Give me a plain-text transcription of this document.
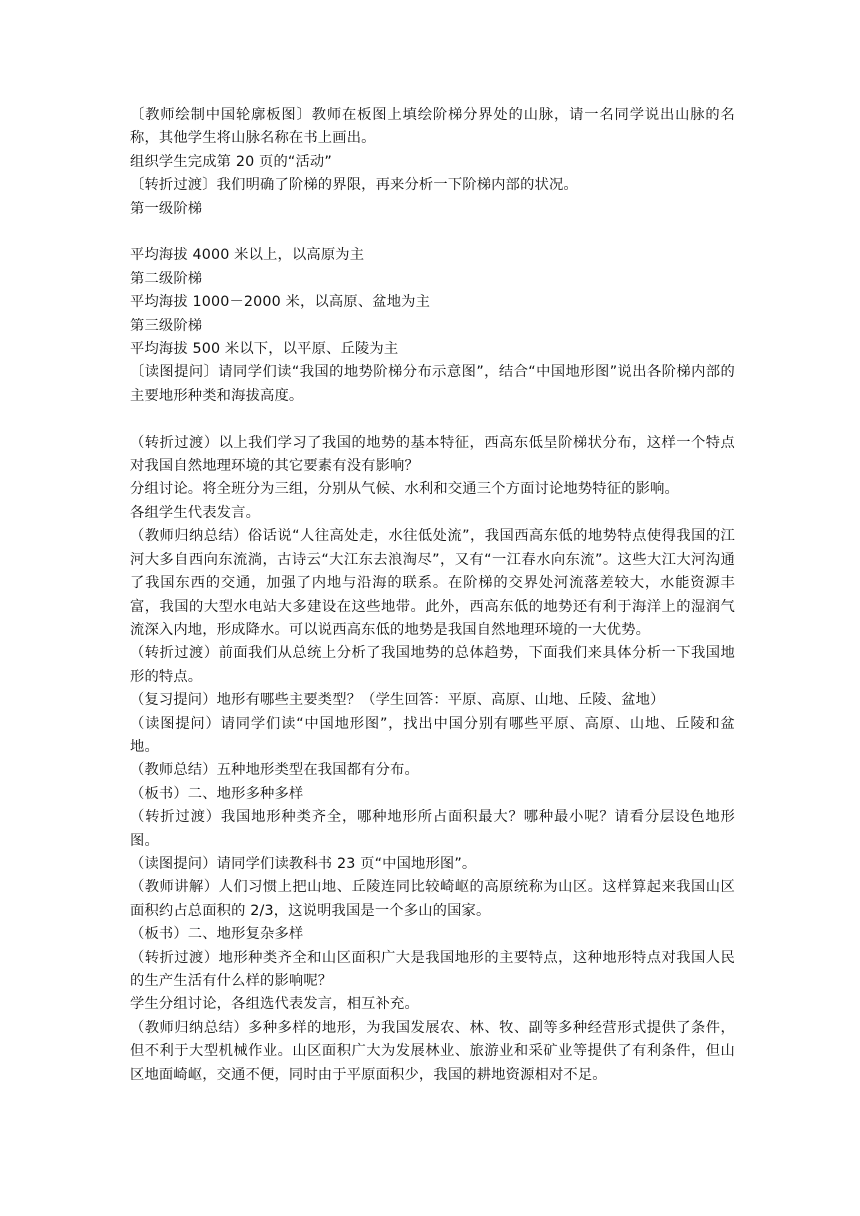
〔教师绘制中国轮廓板图〕教师在板图上填绘阶梯分界处的山脉，请一名同学说出山脉的名称，其他学生将山脉名称在书上画出。

组织学生完成第 20 页的“活动”

〔转折过渡〕我们明确了阶梯的界限，再来分析一下阶梯内部的状况。

第一级阶梯

平均海拔 4000 米以上，以高原为主

第二级阶梯

平均海拔 1000－2000 米，以高原、盆地为主

第三级阶梯

平均海拔 500 米以下，以平原、丘陵为主

〔读图提问〕请同学们读“我国的地势阶梯分布示意图”，结合“中国地形图”说出各阶梯内部的主要地形种类和海拔高度。

（转折过渡）以上我们学习了我国的地势的基本特征，西高东低呈阶梯状分布，这样一个特点对我国自然地理环境的其它要素有没有影响？

分组讨论。将全班分为三组，分别从气候、水利和交通三个方面讨论地势特征的影响。

各组学生代表发言。

（教师归纳总结）俗话说“人往高处走，水往低处流”，我国西高东低的地势特点使得我国的江河大多自西向东流淌，古诗云“大江东去浪淘尽”，又有“一江春水向东流”。这些大江大河沟通了我国东西的交通，加强了内地与沿海的联系。在阶梯的交界处河流落差较大，水能资源丰富，我国的大型水电站大多建设在这些地带。此外，西高东低的地势还有利于海洋上的湿润气流深入内地，形成降水。可以说西高东低的地势是我国自然地理环境的一大优势。

（转折过渡）前面我们从总统上分析了我国地势的总体趋势，下面我们来具体分析一下我国地形的特点。

（复习提问）地形有哪些主要类型？（学生回答：平原、高原、山地、丘陵、盆地）

（读图提问）请同学们读“中国地形图”，找出中国分别有哪些平原、高原、山地、丘陵和盆地。

（教师总结）五种地形类型在我国都有分布。

（板书）二、地形多种多样

（转折过渡）我国地形种类齐全，哪种地形所占面积最大？哪种最小呢？请看分层设色地形图。

（读图提问）请同学们读教科书 23 页“中国地形图”。

（教师讲解）人们习惯上把山地、丘陵连同比较崎岖的高原统称为山区。这样算起来我国山区面积约占总面积的 2/3，这说明我国是一个多山的国家。

（板书）二、地形复杂多样

（转折过渡）地形种类齐全和山区面积广大是我国地形的主要特点，这种地形特点对我国人民的生产生活有什么样的影响呢？

学生分组讨论，各组选代表发言，相互补充。

（教师归纳总结）多种多样的地形，为我国发展农、林、牧、副等多种经营形式提供了条件，但不利于大型机械作业。山区面积广大为发展林业、旅游业和采矿业等提供了有利条件，但山区地面崎岖，交通不便，同时由于平原面积少，我国的耕地资源相对不足。
